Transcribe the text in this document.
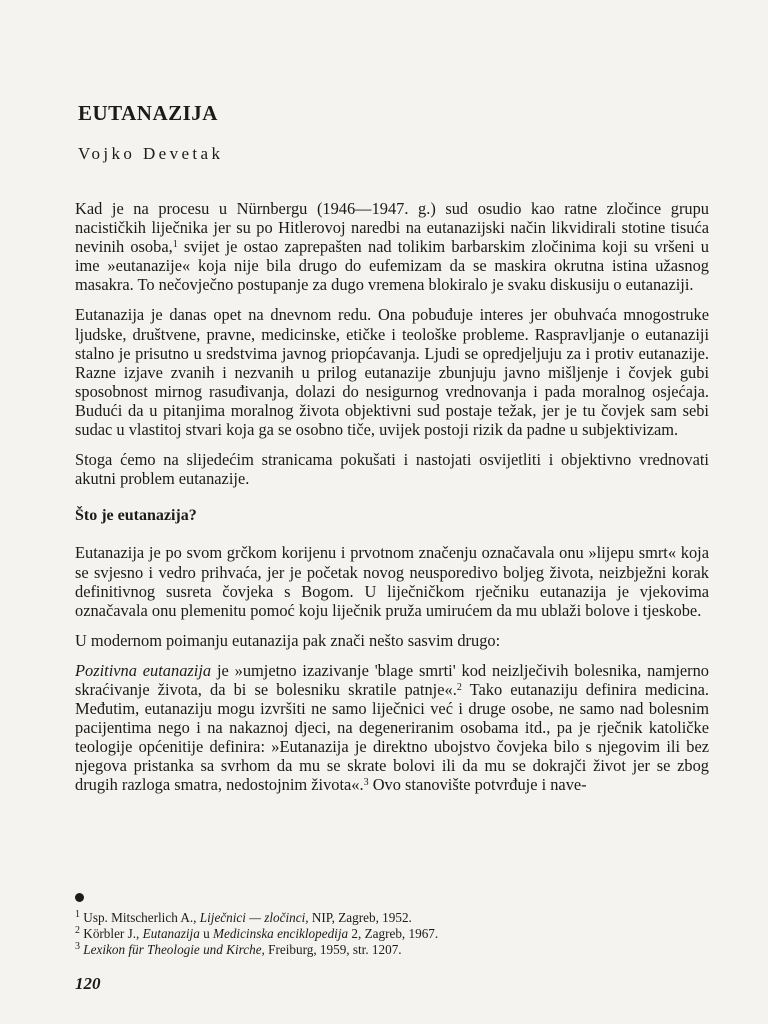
EUTANAZIJA
Vojko Devetak

Kad je na procesu u Nürnbergu (1946—1947. g.) sud osudio kao ratne zločince grupu nacističkih liječnika jer su po Hitlerovoj naredbi na eutanazijski način likvidirali stotine tisuća nevinih osoba,$^1$ svijet je ostao zaprepašten nad tolikim barbarskim zločinima koji su vršeni u ime »eutanazije« koja nije bila drugo do eufemizam da se maskira okrutna istina užasnog masakra. To nečovječno postupanje za dugo vremena blokiralo je svaku diskusiju o eutanaziji.

Eutanazija je danas opet na dnevnom redu. Ona pobuđuje interes jer obuhvaća mnogostruke ljudske, društvene, pravne, medicinske, etičke i teološke probleme. Raspravljanje o eutanaziji stalno je prisutno u sredstvima javnog priopćavanja. Ljudi se opredjeljuju za i protiv eutanazije. Razne izjave zvanih i nezvanih u prilog eutanazije zbunjuju javno mišljenje i čovjek gubi sposobnost mirnog rasuđivanja, dolazi do nesigurnog vrednovanja i pada moralnog osjećaja. Budući da u pitanjima moralnog života objektivni sud postaje težak, jer je tu čovjek sam sebi sudac u vlastitoj stvari koja ga se osobno tiče, uvijek postoji rizik da padne u subjektivizam.

Stoga ćemo na slijedećim stranicama pokušati i nastojati osvijetliti i objektivno vrednovati akutni problem eutanazije.

Što je eutanazija?

Eutanazija je po svom grčkom korijenu i prvotnom značenju označavala onu »lijepu smrt« koja se svjesno i vedro prihvaća, jer je početak novog neusporedivo boljeg života, neizbježni korak definitivnog susreta čovjeka s Bogom. U liječničkom rječniku eutanazija je vjekovima označavala onu plemenitu pomoć koju liječnik pruža umirućem da mu ublaži bolove i tjeskobe.

U modernom poimanju eutanazija pak znači nešto sasvim drugo:

Pozitivna eutanazija je »umjetno izazivanje 'blage smrti' kod neizlječivih bolesnika, namjerno skraćivanje života, da bi se bolesniku skratile patnje«.$^2$ Tako eutanaziju definira medicina. Međutim, eutanaziju mogu izvršiti ne samo liječnici već i druge osobe, ne samo nad bolesnim pacijentima nego i na nakaznoj djeci, na degeneriranim osobama itd., pa je rječnik katoličke teologije općenitije definira: »Eutanazija je direktno ubojstvo čovjeka bilo s njegovim ili bez njegova pristanka sa svrhom da mu se skrate bolovi ili da mu se dokrajči život jer se zbog drugih razloga smatra, nedostojnim života«.$^3$ Ovo stanovište potvrđuje i nave-

$^1$ Usp. Mitscherlich A., Liječnici — zločinci, NIP, Zagreb, 1952.
$^2$ Körbler J., Eutanazija u Medicinska enciklopedija 2, Zagreb, 1967.
$^3$ Lexikon für Theologie und Kirche, Freiburg, 1959, str. 1207.
120
